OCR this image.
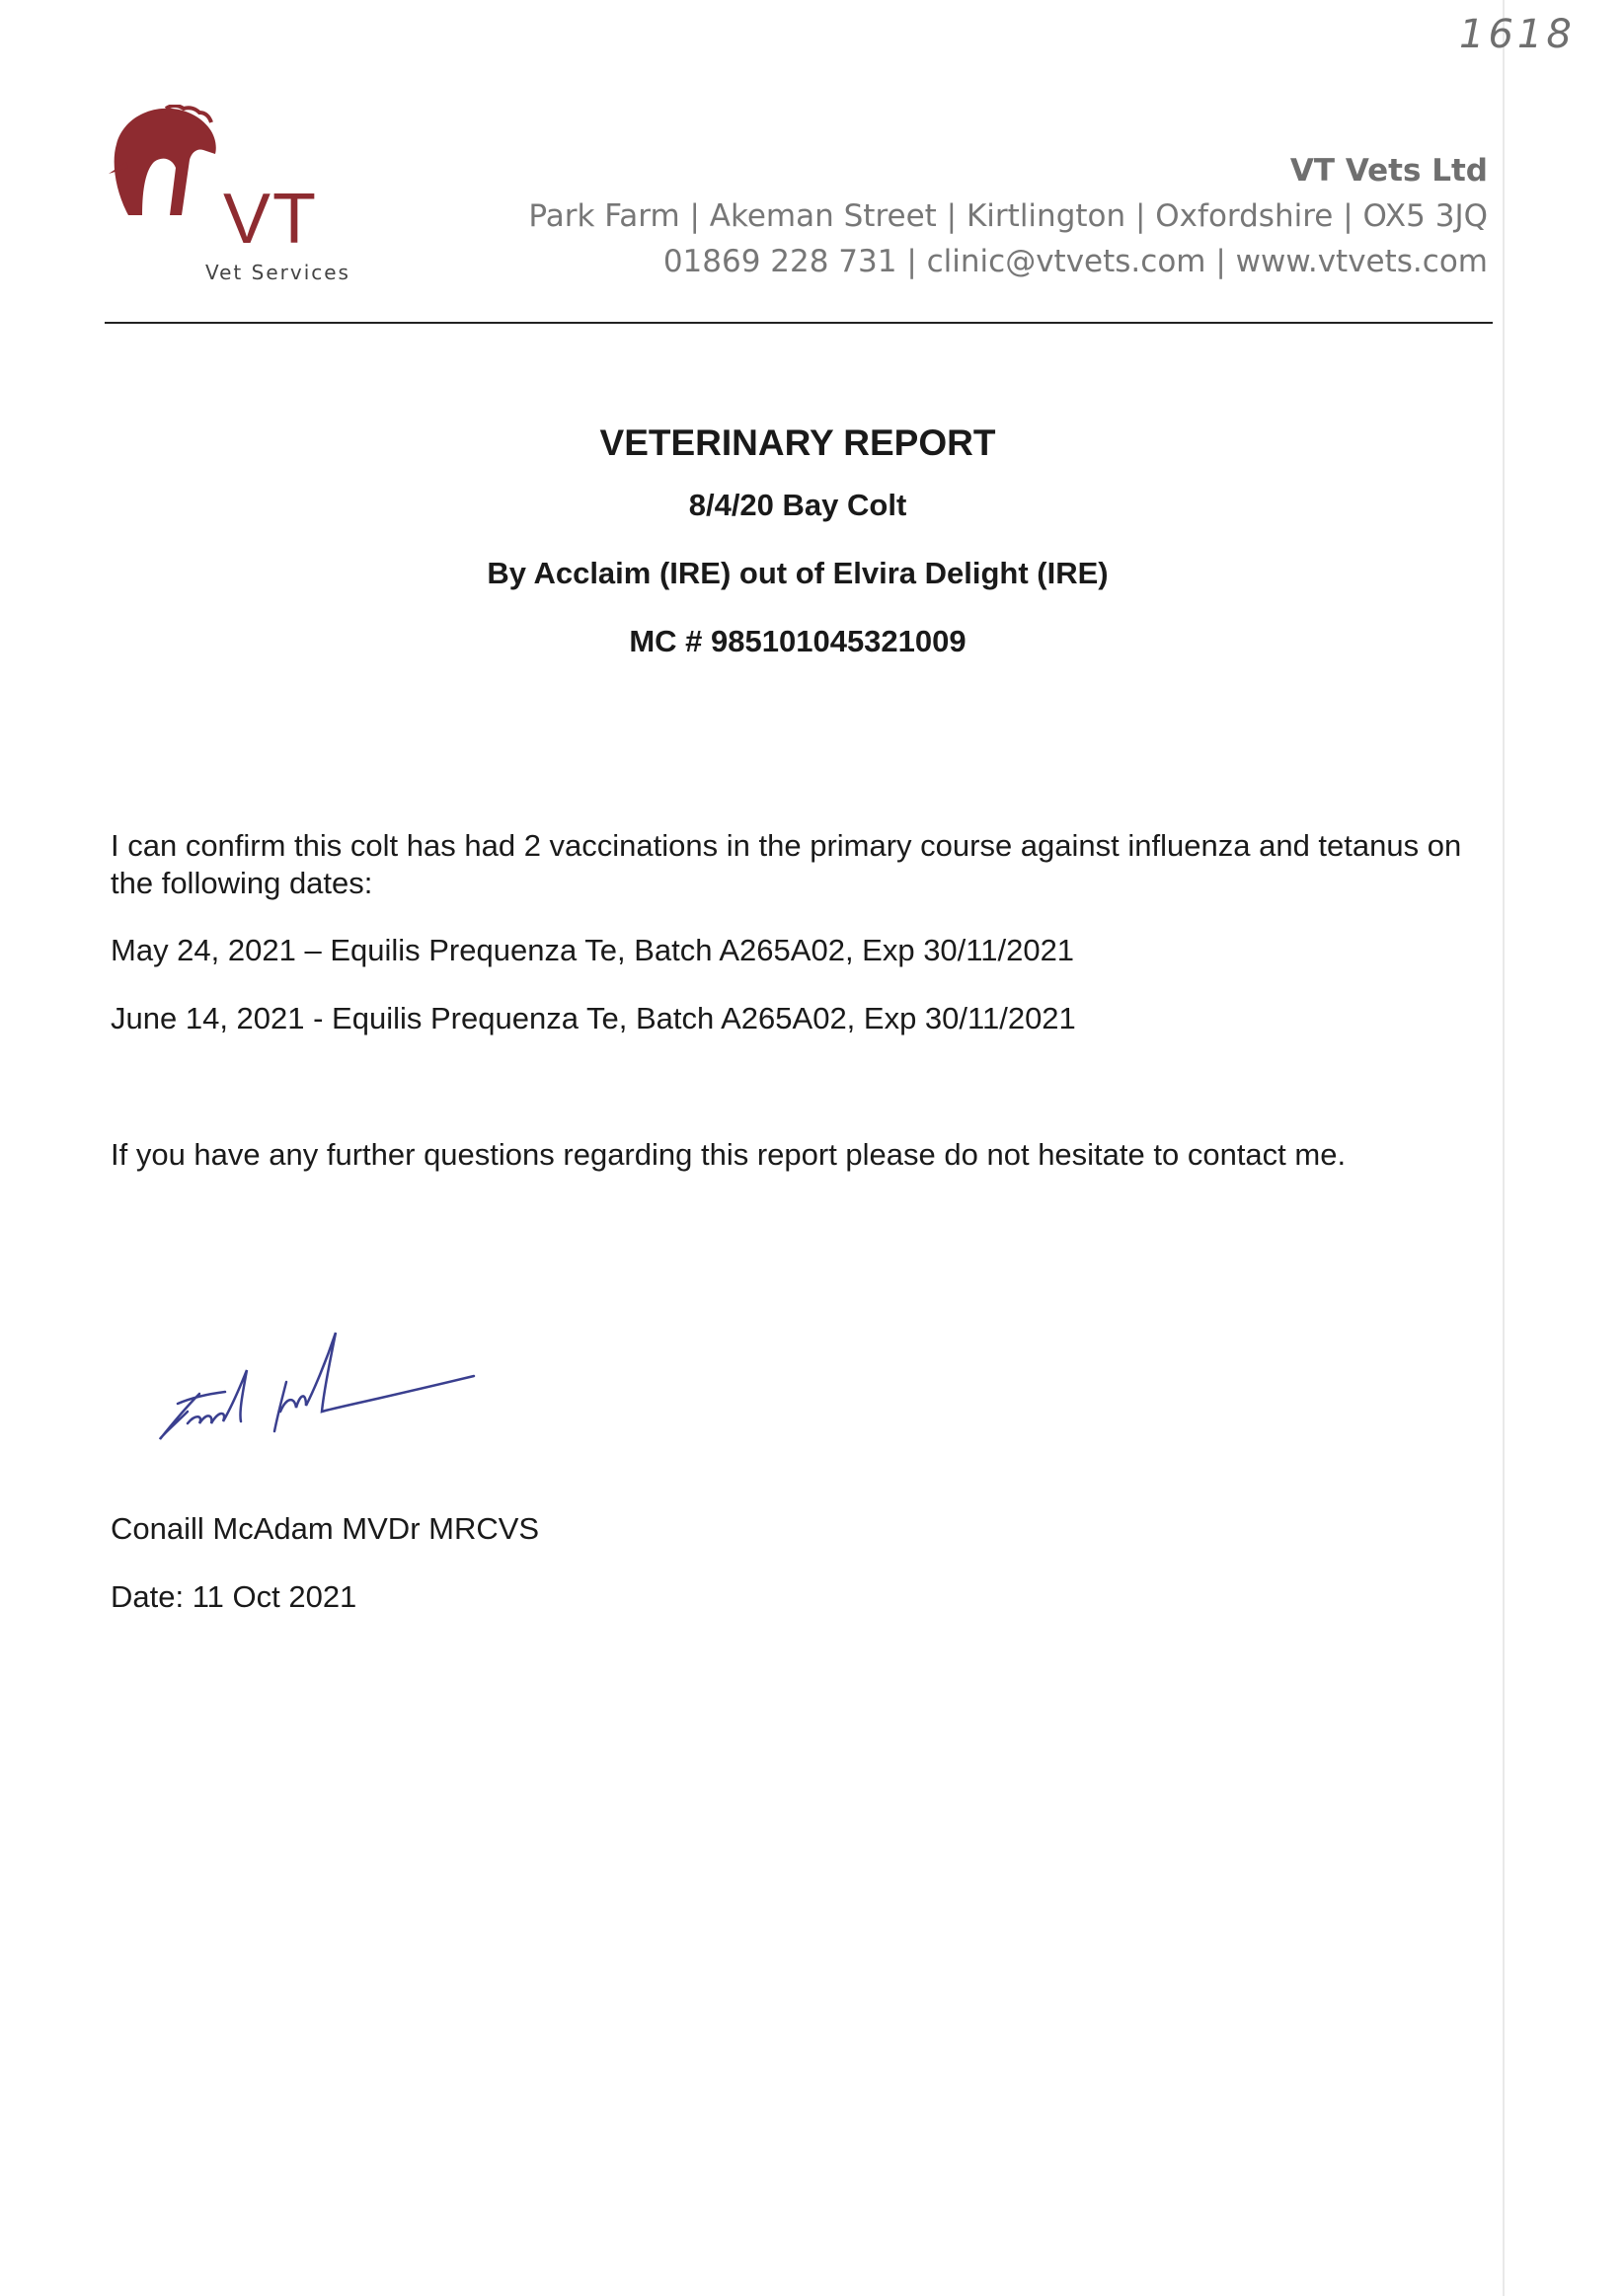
1618
VT
Vet Services
VT Vets Ltd
Park Farm | Akeman Street | Kirtlington | Oxfordshire | OX5 3JQ
01869 228 731 | clinic@vtvets.com | www.vtvets.com
VETERINARY REPORT
8/4/20 Bay Colt
By Acclaim (IRE) out of Elvira Delight (IRE)
MC # 985101045321009
I can confirm this colt has had 2 vaccinations in the primary course against influenza and tetanus on the following dates:
May 24, 2021 – Equilis Prequenza Te, Batch A265A02, Exp 30/11/2021
June 14, 2021 - Equilis Prequenza Te, Batch A265A02, Exp 30/11/2021
If you have any further questions regarding this report please do not hesitate to contact me.
Conaill McAdam MVDr MRCVS
Date: 11 Oct 2021
